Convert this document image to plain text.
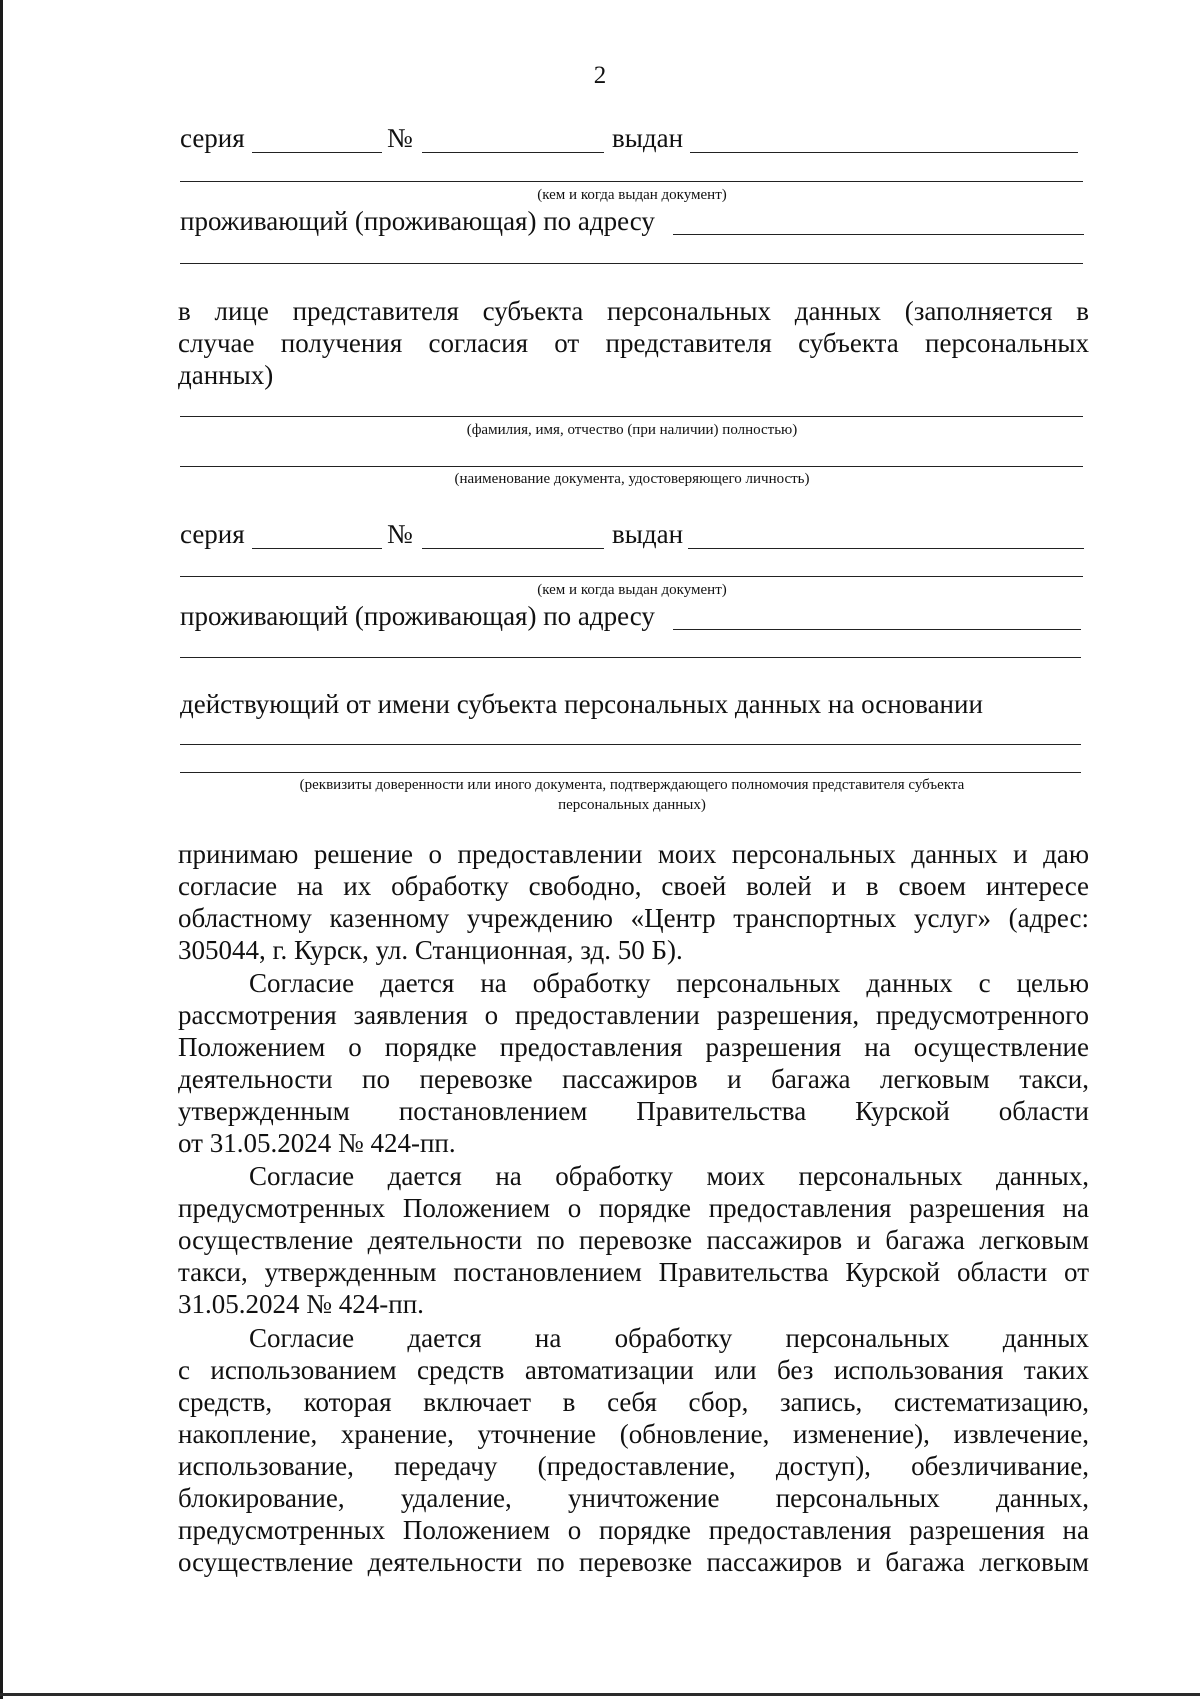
2
серия	№	выдан
(кем и когда выдан документ)
проживающий (проживающая) по адресу
в лице представителя субъекта персональных данных (заполняется в
случае получения согласия от представителя субъекта персональных
данных)
(фамилия, имя, отчество (при наличии) полностью)
(наименование документа, удостоверяющего личность)
серия	№	выдан
(кем и когда выдан документ)
проживающий (проживающая) по адресу
действующий от имени субъекта персональных данных на основании
(реквизиты доверенности или иного документа, подтверждающего полномочия представителя субъекта
персональных данных)
принимаю решение о предоставлении моих персональных данных и даю
согласие на их обработку свободно, своей волей и в своем интересе
областному казенному учреждению «Центр транспортных услуг» (адрес:
305044, г. Курск, ул. Станционная, зд. 50 Б).
Согласие дается на обработку персональных данных с целью
рассмотрения заявления о предоставлении разрешения, предусмотренного
Положением о порядке предоставления разрешения на осуществление
деятельности по перевозке пассажиров и багажа легковым такси,
утвержденным постановлением Правительства Курской области
от 31.05.2024 № 424-пп.
Согласие дается на обработку моих персональных данных,
предусмотренных Положением о порядке предоставления разрешения на
осуществление деятельности по перевозке пассажиров и багажа легковым
такси, утвержденным постановлением Правительства Курской области от
31.05.2024 № 424-пп.
Согласие дается на обработку персональных данных
с использованием средств автоматизации или без использования таких
средств, которая включает в себя сбор, запись, систематизацию,
накопление, хранение, уточнение (обновление, изменение), извлечение,
использование, передачу (предоставление, доступ), обезличивание,
блокирование, удаление, уничтожение персональных данных,
предусмотренных Положением о порядке предоставления разрешения на
осуществление деятельности по перевозке пассажиров и багажа легковым
